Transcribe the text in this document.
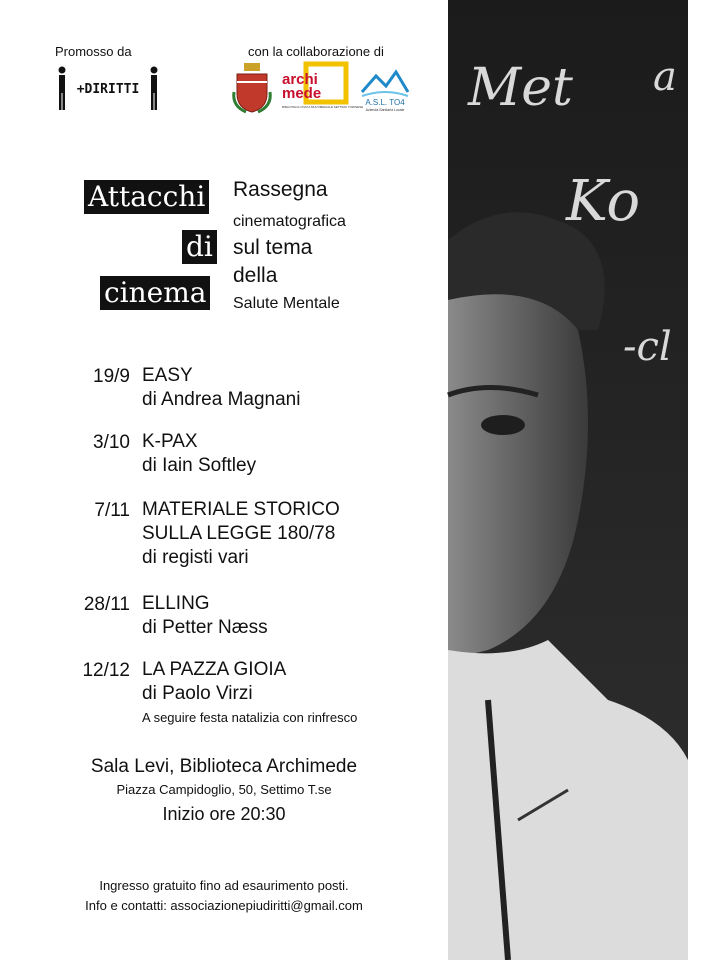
Promosso da	con la collaborazione di
+DIRITTI
archi
mede
BIBLIOTECA CIVICA MULTIMEDIALE SETTIMO TORINESE A.S.L. TO4
Azienda Sanitaria Locale
Attacchi
di
cinema
Rassegna
cinematografica
sul tema
della
Salute Mentale
19/9 EASY
di Andrea Magnani
3/10 K-PAX
di Iain Softley
7/11 MATERIALE STORICO
SULLA LEGGE 180/78
di registi vari
28/11 ELLING
di Petter Næss
12/12 LA PAZZA GIOIA
di Paolo Virzi
A seguire festa natalizia con rinfresco
Sala Levi, Biblioteca Archimede
Piazza Campidoglio, 50, Settimo T.se
Inizio ore 20:30
Ingresso gratuito fino ad esaurimento posti.
Info e contatti: associazionepiudiritti@gmail.com
Met a
Ko
-cl
